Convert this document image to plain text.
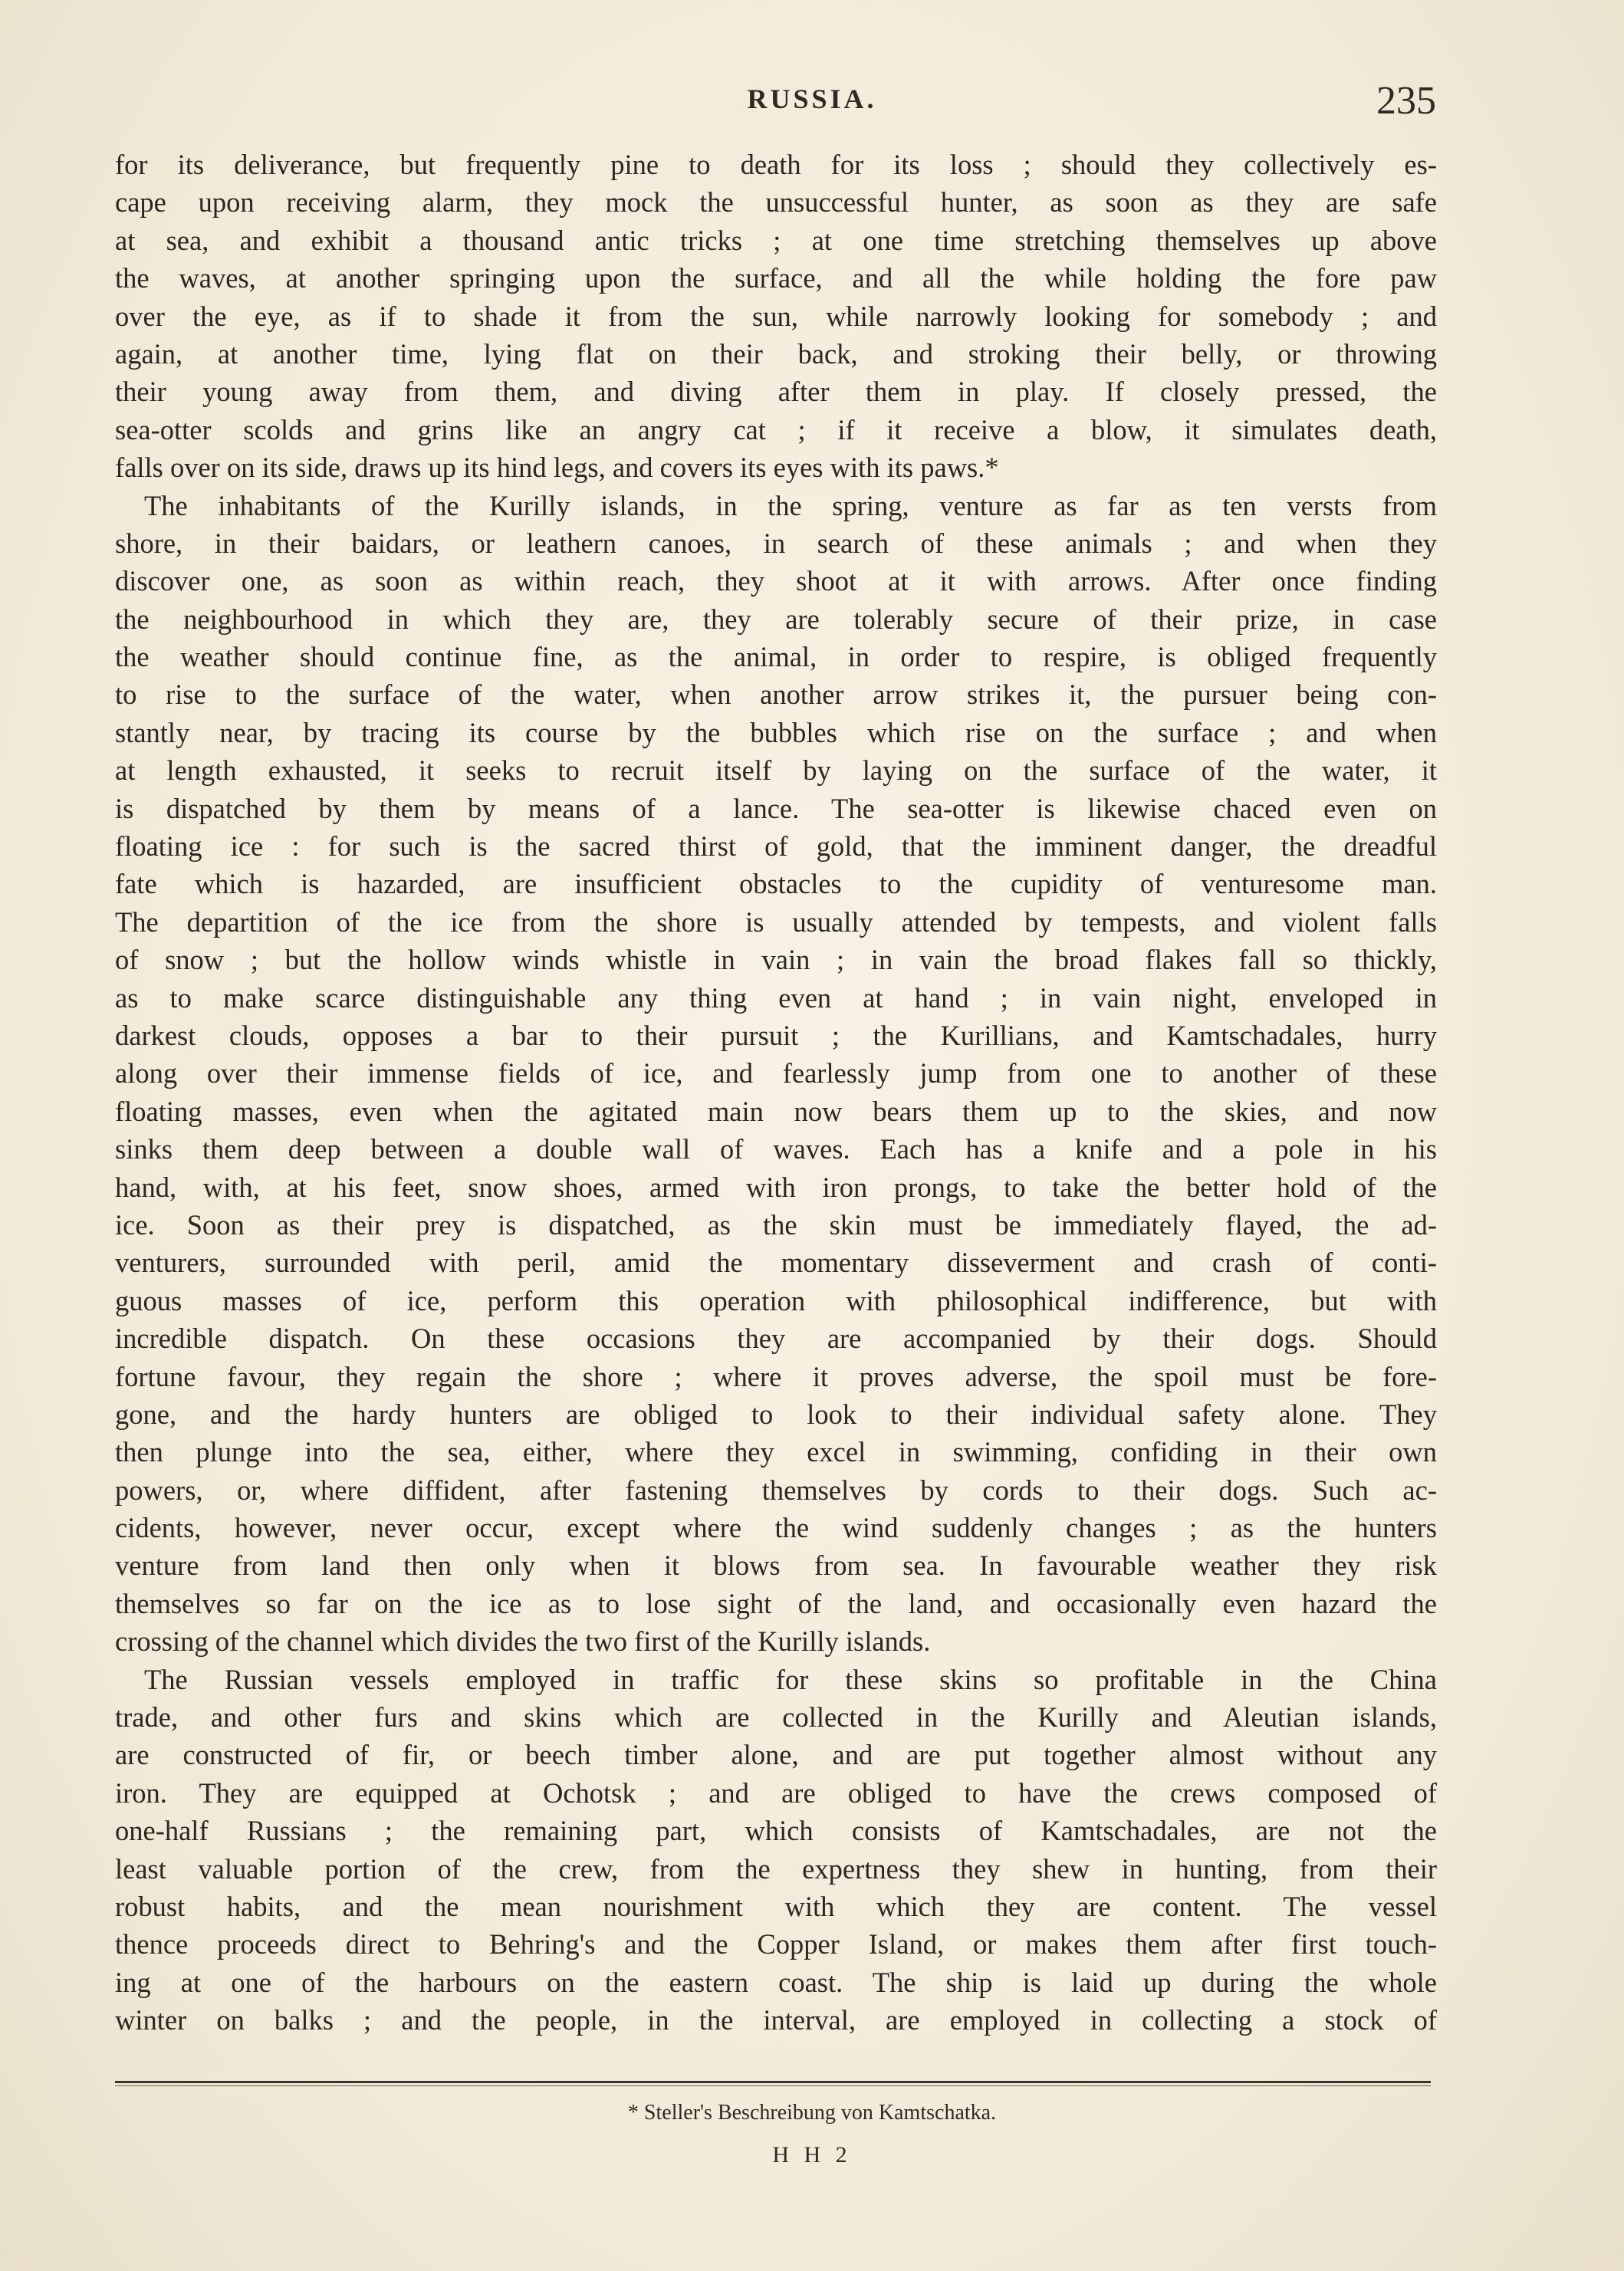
RUSSIA.	235
for its deliverance, but frequently pine to death for its loss ; should they collectively es-
cape upon receiving alarm, they mock the unsuccessful hunter, as soon as they are safe
at sea, and exhibit a thousand antic tricks ; at one time stretching themselves up above
the waves, at another springing upon the surface, and all the while holding the fore paw
over the eye, as if to shade it from the sun, while narrowly looking for somebody ; and
again, at another time, lying flat on their back, and stroking their belly, or throwing
their young away from them, and diving after them in play. If closely pressed, the
sea-otter scolds and grins like an angry cat ; if it receive a blow, it simulates death,
falls over on its side, draws up its hind legs, and covers its eyes with its paws.*
The inhabitants of the Kurilly islands, in the spring, venture as far as ten versts from
shore, in their baidars, or leathern canoes, in search of these animals ; and when they
discover one, as soon as within reach, they shoot at it with arrows. After once finding
the neighbourhood in which they are, they are tolerably secure of their prize, in case
the weather should continue fine, as the animal, in order to respire, is obliged frequently
to rise to the surface of the water, when another arrow strikes it, the pursuer being con-
stantly near, by tracing its course by the bubbles which rise on the surface ; and when
at length exhausted, it seeks to recruit itself by laying on the surface of the water, it
is dispatched by them by means of a lance. The sea-otter is likewise chaced even on
floating ice : for such is the sacred thirst of gold, that the imminent danger, the dreadful
fate which is hazarded, are insufficient obstacles to the cupidity of venturesome man.
The departition of the ice from the shore is usually attended by tempests, and violent falls
of snow ; but the hollow winds whistle in vain ; in vain the broad flakes fall so thickly,
as to make scarce distinguishable any thing even at hand ; in vain night, enveloped in
darkest clouds, opposes a bar to their pursuit ; the Kurillians, and Kamtschadales, hurry
along over their immense fields of ice, and fearlessly jump from one to another of these
floating masses, even when the agitated main now bears them up to the skies, and now
sinks them deep between a double wall of waves. Each has a knife and a pole in his
hand, with, at his feet, snow shoes, armed with iron prongs, to take the better hold of the
ice. Soon as their prey is dispatched, as the skin must be immediately flayed, the ad-
venturers, surrounded with peril, amid the momentary disseverment and crash of conti-
guous masses of ice, perform this operation with philosophical indifference, but with
incredible dispatch. On these occasions they are accompanied by their dogs. Should
fortune favour, they regain the shore ; where it proves adverse, the spoil must be fore-
gone, and the hardy hunters are obliged to look to their individual safety alone. They
then plunge into the sea, either, where they excel in swimming, confiding in their own
powers, or, where diffident, after fastening themselves by cords to their dogs. Such ac-
cidents, however, never occur, except where the wind suddenly changes ; as the hunters
venture from land then only when it blows from sea. In favourable weather they risk
themselves so far on the ice as to lose sight of the land, and occasionally even hazard the
crossing of the channel which divides the two first of the Kurilly islands.
The Russian vessels employed in traffic for these skins so profitable in the China
trade, and other furs and skins which are collected in the Kurilly and Aleutian islands,
are constructed of fir, or beech timber alone, and are put together almost without any
iron. They are equipped at Ochotsk ; and are obliged to have the crews composed of
one-half Russians ; the remaining part, which consists of Kamtschadales, are not the
least valuable portion of the crew, from the expertness they shew in hunting, from their
robust habits, and the mean nourishment with which they are content. The vessel
thence proceeds direct to Behring's and the Copper Island, or makes them after first touch-
ing at one of the harbours on the eastern coast. The ship is laid up during the whole
winter on balks ; and the people, in the interval, are employed in collecting a stock of
* Steller's Beschreibung von Kamtschatka.
H H 2
